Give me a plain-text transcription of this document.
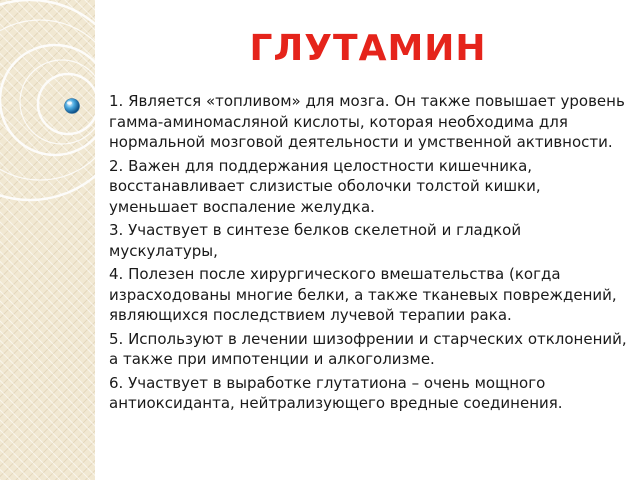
ГЛУТАМИН

1. Является «топливом» для мозга. Он также повышает уровень гамма-аминомасляной кислоты, которая необходима для нормальной мозговой деятельности и умственной активности.

2. Важен для поддержания целостности кишечника, восстанавливает слизистые оболочки толстой кишки, уменьшает воспаление желудка.

3. Участвует в синтезе белков скелетной и гладкой мускулатуры,

4. Полезен после хирургического вмешательства (когда израсходованы многие белки, а также тканевых повреждений, являющихся последствием лучевой терапии рака.

5. Используют в лечении шизофрении и старческих отклонений, а также при импотенции и алкоголизме.

6. Участвует в выработке глутатиона – очень мощного антиоксиданта, нейтрализующего вредные соединения.
